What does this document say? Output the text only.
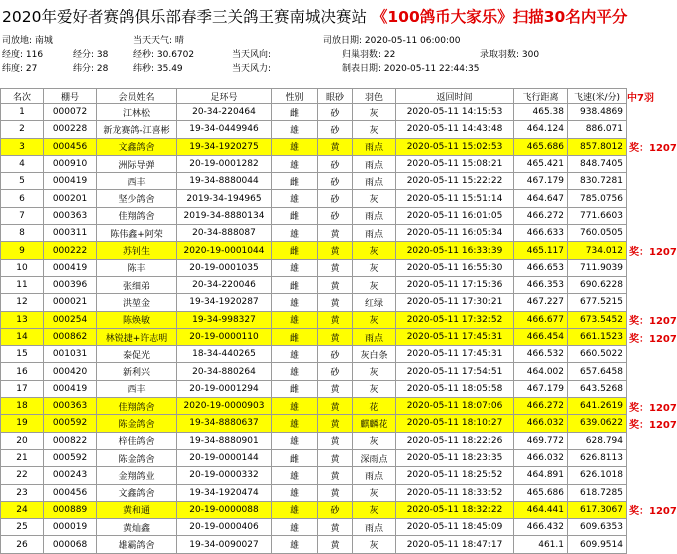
2020年爱好者赛鸽俱乐部春季三关鸽王赛南城决赛站 《100鸽币大家乐》扫描30名内平分
司放地: 南城	当天天气: 晴	司放日期: 2020-05-11 06:00:00
经度: 116	经分: 38	经秒: 30.6702	当天风向:	归巢羽数: 22	录取羽数: 300
纬度: 27	纬分: 28	纬秒: 35.49	当天风力:	制表日期: 2020-05-11 22:44:35
名次	棚号	会员姓名	足环号	性别	眼砂	羽色	返回时间	飞行距离	飞速(米/分)	中7羽
1	000072	江林松	20-34-220464	雌	砂	灰	2020-05-11 14:15:53	465.38	938.4869	
2	000228	新龙赛鸽-江喜彬	19-34-0449946	雄	砂	灰	2020-05-11 14:43:48	464.124	886.071	
3	000456	文鑫鸽舍	19-34-1920275	雄	黄	雨点	2020-05-11 15:02:53	465.686	857.8012	奖：1207
4	000910	洲际导弹	20-19-0001282	雄	砂	雨点	2020-05-11 15:08:21	465.421	848.7405	
5	000419	西丰	19-34-8880044	雌	砂	雨点	2020-05-11 15:22:22	467.179	830.7281	
6	000201	坚少鸽舍	2019-34-194965	雄	砂	灰	2020-05-11 15:51:14	464.647	785.0756	
7	000363	佳翔鸽舍	2019-34-8880134	雌	砂	雨点	2020-05-11 16:01:05	466.272	771.6603	
8	000311	陈伟鑫+阿荣	20-34-888087	雄	黄	雨点	2020-05-11 16:05:34	466.633	760.0505	
9	000222	苏钊生	2020-19-0001044	雌	黄	灰	2020-05-11 16:33:39	465.117	734.012	奖：1207
10	000419	陈丰	20-19-0001035	雄	黄	灰	2020-05-11 16:55:30	466.653	711.9039	
11	000396	张细弟	20-34-220046	雌	黄	灰	2020-05-11 17:15:36	466.353	690.6228	
12	000021	洪堃金	19-34-1920287	雄	黄	红绿	2020-05-11 17:30:21	467.227	677.5215	
13	000254	陈焕敏	19-34-998327	雄	黄	灰	2020-05-11 17:32:52	466.677	673.5452	奖：1207
14	000862	林锐捷+许志明	20-19-0000110	雌	黄	雨点	2020-05-11 17:45:31	466.454	661.1523	奖：1207
15	001031	泰促光	18-34-440265	雄	砂	灰白条	2020-05-11 17:45:31	466.532	660.5022	
16	000420	新利兴	20-34-880264	雄	砂	灰	2020-05-11 17:54:51	464.002	657.6458	
17	000419	西丰	20-19-0001294	雌	黄	灰	2020-05-11 18:05:58	467.179	643.5268	
18	000363	佳翔鸽舍	2020-19-0000903	雄	黄	花	2020-05-11 18:07:06	466.272	641.2619	奖：1207
19	000592	陈金鸽舍	19-34-8880637	雄	黄	麒麟花	2020-05-11 18:10:27	466.032	639.0622	奖：1207
20	000822	梓佳鸽舍	19-34-8880901	雄	黄	灰	2020-05-11 18:22:26	469.772	628.794	
21	000592	陈金鸽舍	20-19-0000144	雌	黄	深雨点	2020-05-11 18:23:35	466.032	626.8113	
22	000243	金翔鸽业	20-19-0000332	雄	黄	雨点	2020-05-11 18:25:52	464.891	626.1018	
23	000456	文鑫鸽舍	19-34-1920474	雄	黄	灰	2020-05-11 18:33:52	465.686	618.7285	
24	000889	黄和通	20-19-0000088	雄	砂	灰	2020-05-11 18:32:22	464.441	617.3067	奖：1207
25	000019	黄灿鑫	20-19-0000406	雄	黄	雨点	2020-05-11 18:45:09	466.432	609.6353	
26	000068	雄霸鸽舍	19-34-0090027	雄	黄	灰	2020-05-11 18:47:17	461.1	609.9514	
